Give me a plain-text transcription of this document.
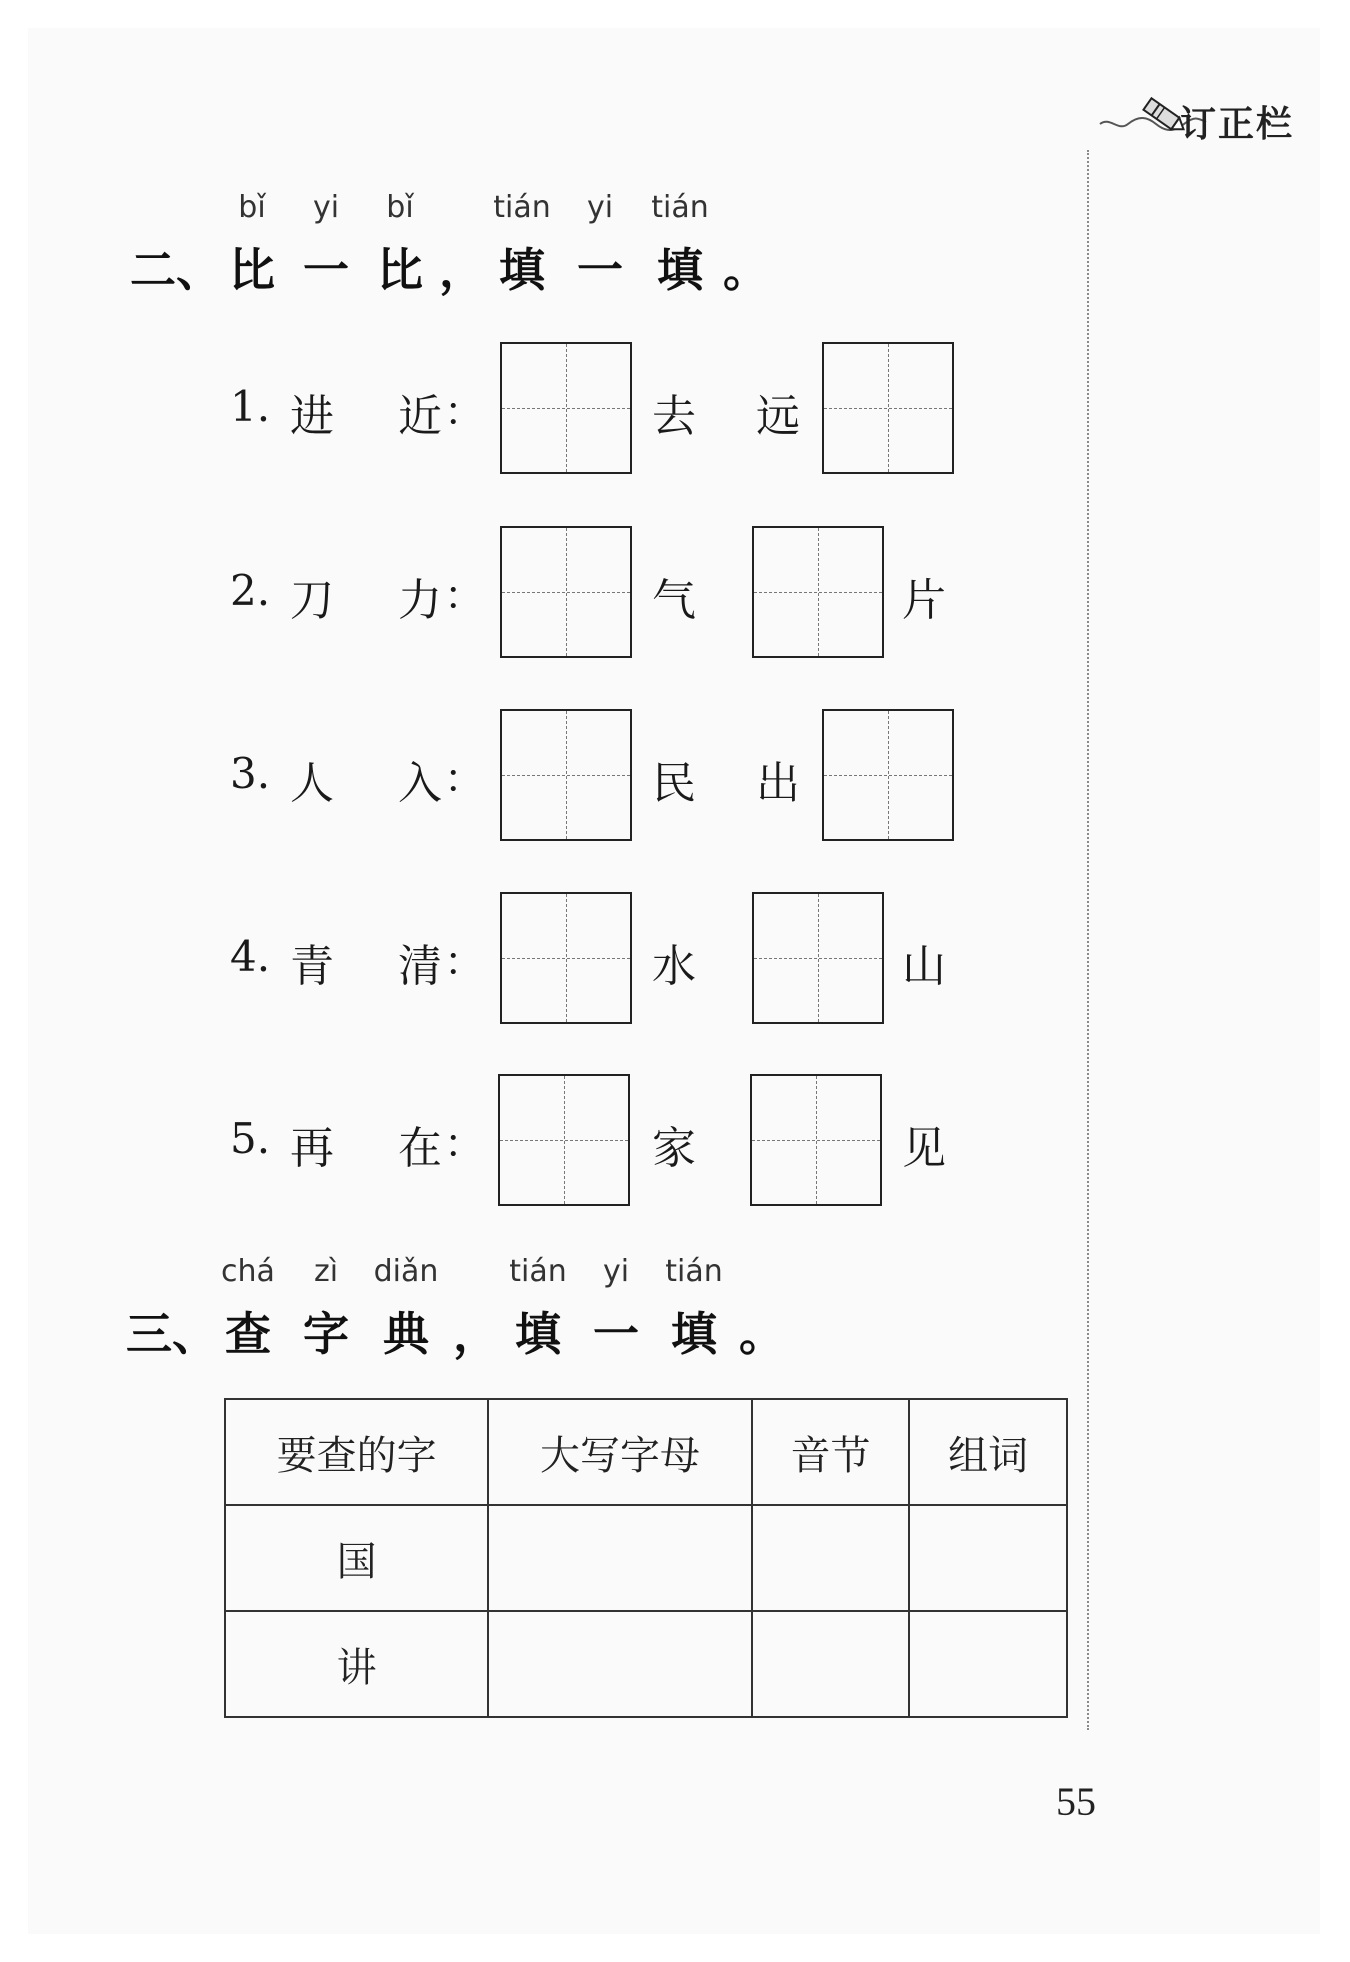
订正栏
bǐ yi bǐ	tián yi tián
二、 比 一 比 ， 填 一 填 。
1. 进 近 ：	去 远
2. 刀 力 ：	气	片
3. 人 入 ：	民 出
4. 青 清 ：	水	山
5. 再 在 ：	家	见
chá zì diǎn tián yi tián
三、 查 字 典 ， 填 一 填 。
要查的字	大写字母	音节	组词
国			
讲			
55
